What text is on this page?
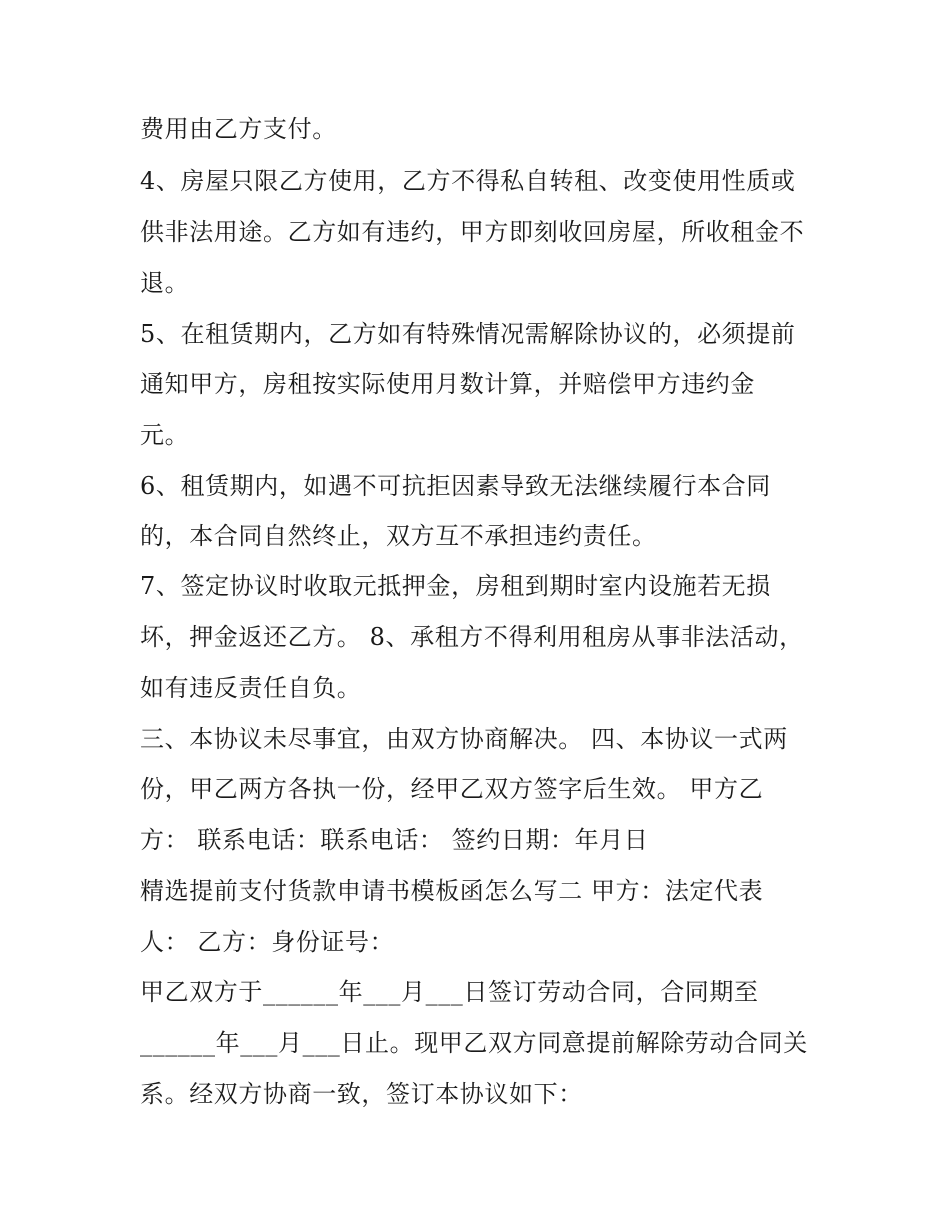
费用由乙方支付。
4、房屋只限乙方使用，乙方不得私自转租、改变使用性质或
供非法用途。乙方如有违约，甲方即刻收回房屋，所收租金不
退。
5、在租赁期内，乙方如有特殊情况需解除协议的，必须提前
通知甲方，房租按实际使用月数计算，并赔偿甲方违约金
元。
6、租赁期内，如遇不可抗拒因素导致无法继续履行本合同
的，本合同自然终止，双方互不承担违约责任。
7、签定协议时收取元抵押金，房租到期时室内设施若无损
坏，押金返还乙方。 8、承租方不得利用租房从事非法活动，
如有违反责任自负。
三、本协议未尽事宜，由双方协商解决。 四、本协议一式两
份，甲乙两方各执一份，经甲乙双方签字后生效。 甲方乙
方： 联系电话：联系电话： 签约日期：年月日
精选提前支付货款申请书模板函怎么写二 甲方：法定代表
人： 乙方：身份证号：
甲乙双方于______年___月___日签订劳动合同，合同期至
______年___月___日止。现甲乙双方同意提前解除劳动合同关
系。经双方协商一致，签订本协议如下：
